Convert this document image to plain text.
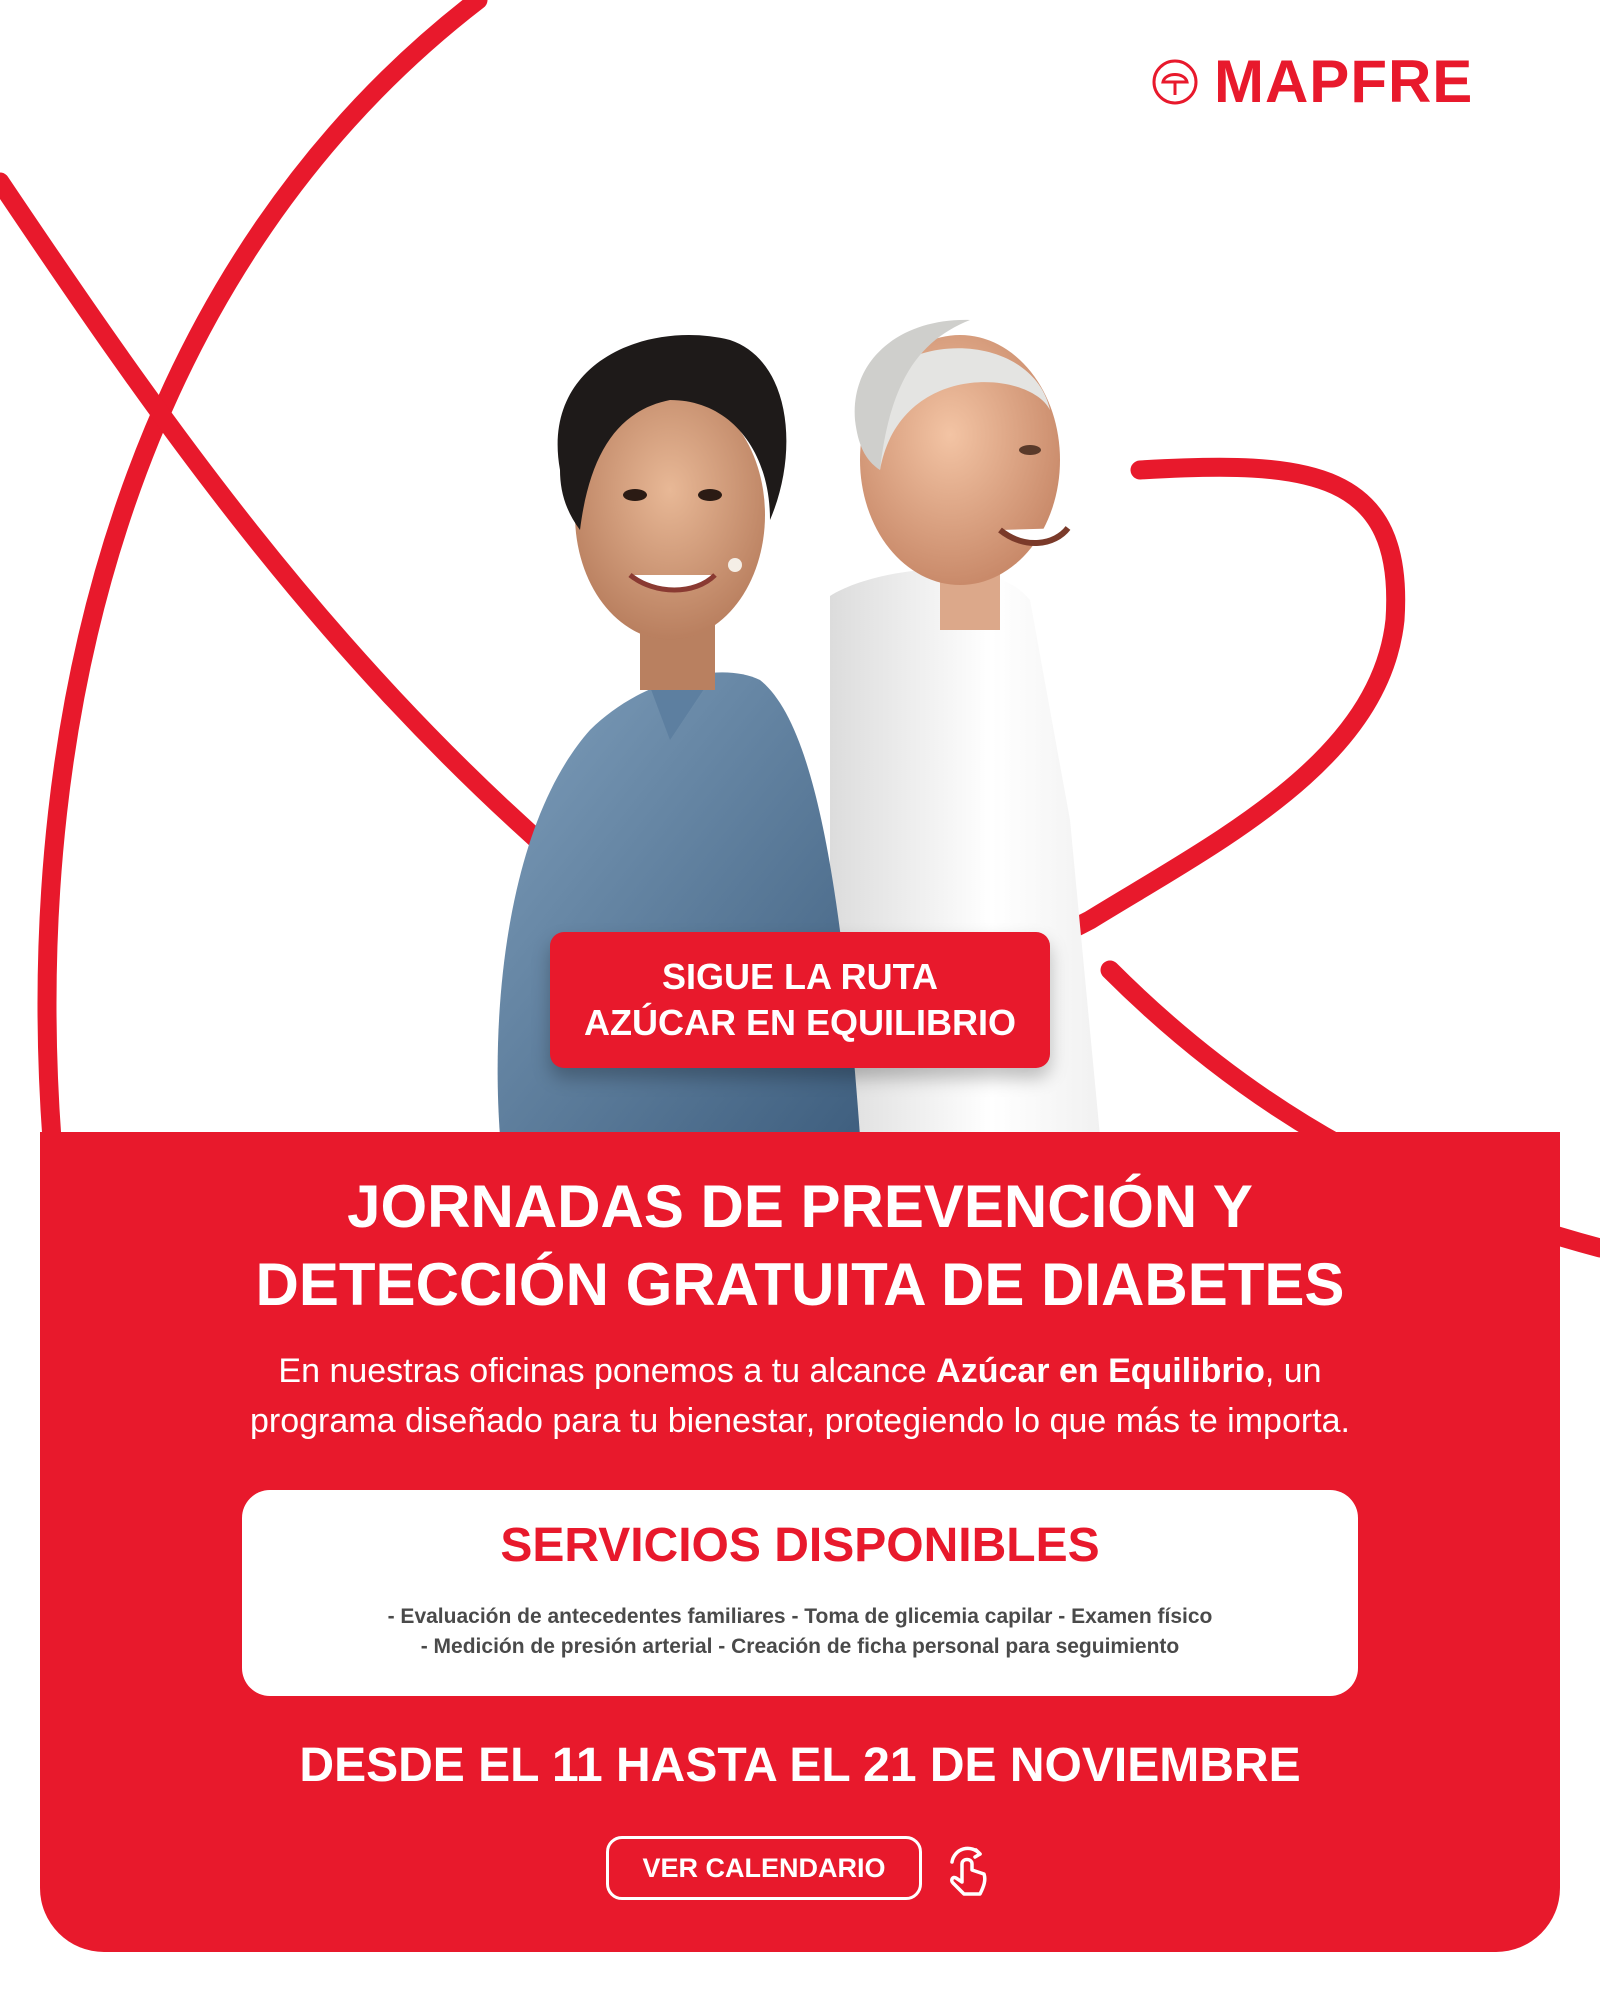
MAPFRE
SIGUE LA RUTA
AZÚCAR EN EQUILIBRIO
JORNADAS DE PREVENCIÓN Y
DETECCIÓN GRATUITA DE DIABETES
En nuestras oficinas ponemos a tu alcance Azúcar en Equilibrio, un
programa diseñado para tu bienestar, protegiendo lo que más te importa.
SERVICIOS DISPONIBLES
- Evaluación de antecedentes familiares - Toma de glicemia capilar - Examen físico
- Medición de presión arterial - Creación de ficha personal para seguimiento
DESDE EL 11 HASTA EL 21 DE NOVIEMBRE
VER CALENDARIO
